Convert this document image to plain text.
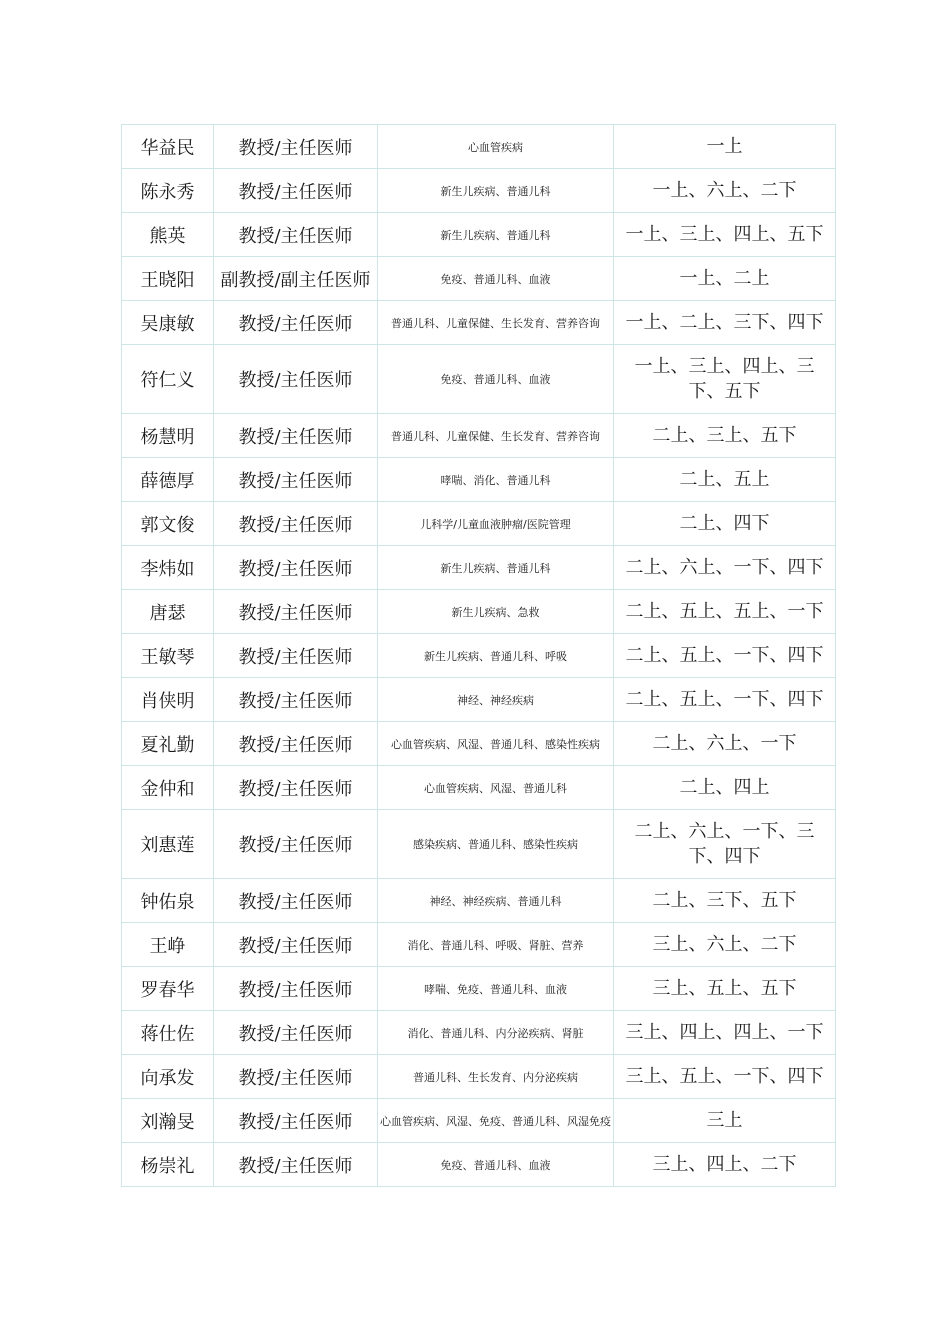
华益民	教授/主任医师	心血管疾病	一上
陈永秀	教授/主任医师	新生儿疾病、普通儿科	一上、六上、二下
熊英	教授/主任医师	新生儿疾病、普通儿科	一上、三上、四上、五下
王晓阳	副教授/副主任医师	免疫、普通儿科、血液	一上、二上
吴康敏	教授/主任医师	普通儿科、儿童保健、生长发育、营养咨询	一上、二上、三下、四下
符仁义	教授/主任医师	免疫、普通儿科、血液	一上、三上、四上、三下、五下
杨慧明	教授/主任医师	普通儿科、儿童保健、生长发育、营养咨询	二上、三上、五下
薛德厚	教授/主任医师	哮喘、消化、普通儿科	二上、五上
郭文俊	教授/主任医师	儿科学/儿童血液肿瘤/医院管理	二上、四下
李炜如	教授/主任医师	新生儿疾病、普通儿科	二上、六上、一下、四下
唐瑟	教授/主任医师	新生儿疾病、急救	二上、五上、五上、一下
王敏琴	教授/主任医师	新生儿疾病、普通儿科、呼吸	二上、五上、一下、四下
肖侠明	教授/主任医师	神经、神经疾病	二上、五上、一下、四下
夏礼勤	教授/主任医师	心血管疾病、风湿、普通儿科、感染性疾病	二上、六上、一下
金仲和	教授/主任医师	心血管疾病、风湿、普通儿科	二上、四上
刘惠莲	教授/主任医师	感染疾病、普通儿科、感染性疾病	二上、六上、一下、三下、四下
钟佑泉	教授/主任医师	神经、神经疾病、普通儿科	二上、三下、五下
王峥	教授/主任医师	消化、普通儿科、呼吸、肾脏、营养	三上、六上、二下
罗春华	教授/主任医师	哮喘、免疫、普通儿科、血液	三上、五上、五下
蒋仕佐	教授/主任医师	消化、普通儿科、内分泌疾病、肾脏	三上、四上、四上、一下
向承发	教授/主任医师	普通儿科、生长发育、内分泌疾病	三上、五上、一下、四下
刘瀚旻	教授/主任医师	心血管疾病、风湿、免疫、普通儿科、风湿免疫	三上
杨崇礼	教授/主任医师	免疫、普通儿科、血液	三上、四上、二下
